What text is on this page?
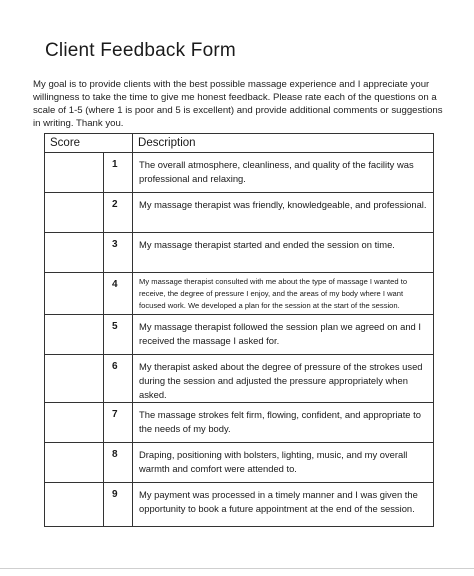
Client Feedback Form
My goal is to provide clients with the best possible massage experience and I appreciate your willingness to take the time to give me honest feedback. Please rate each of the questions on a scale of 1-5 (where 1 is poor and 5 is excellent) and provide additional comments or suggestions in writing. Thank you.
Score		Description
	1	The overall atmosphere, cleanliness, and quality of the facility was professional and relaxing.
	2	My massage therapist was friendly, knowledgeable, and professional.
	3	My massage therapist started and ended the session on time.
	4	My massage therapist consulted with me about the type of massage I wanted to receive, the degree of pressure I enjoy, and the areas of my body where I want focused work. We developed a plan for the session at the start of the session.
	5	My massage therapist followed the session plan we agreed on and I received the massage I asked for.
	6	My therapist asked about the degree of pressure of the strokes used during the session and adjusted the pressure appropriately when asked.
	7	The massage strokes felt firm, flowing, confident, and appropriate to the needs of my body.
	8	Draping, positioning with bolsters, lighting, music, and my overall warmth and comfort were attended to.
	9	My payment was processed in a timely manner and I was given the opportunity to book a future appointment at the end of the session.
